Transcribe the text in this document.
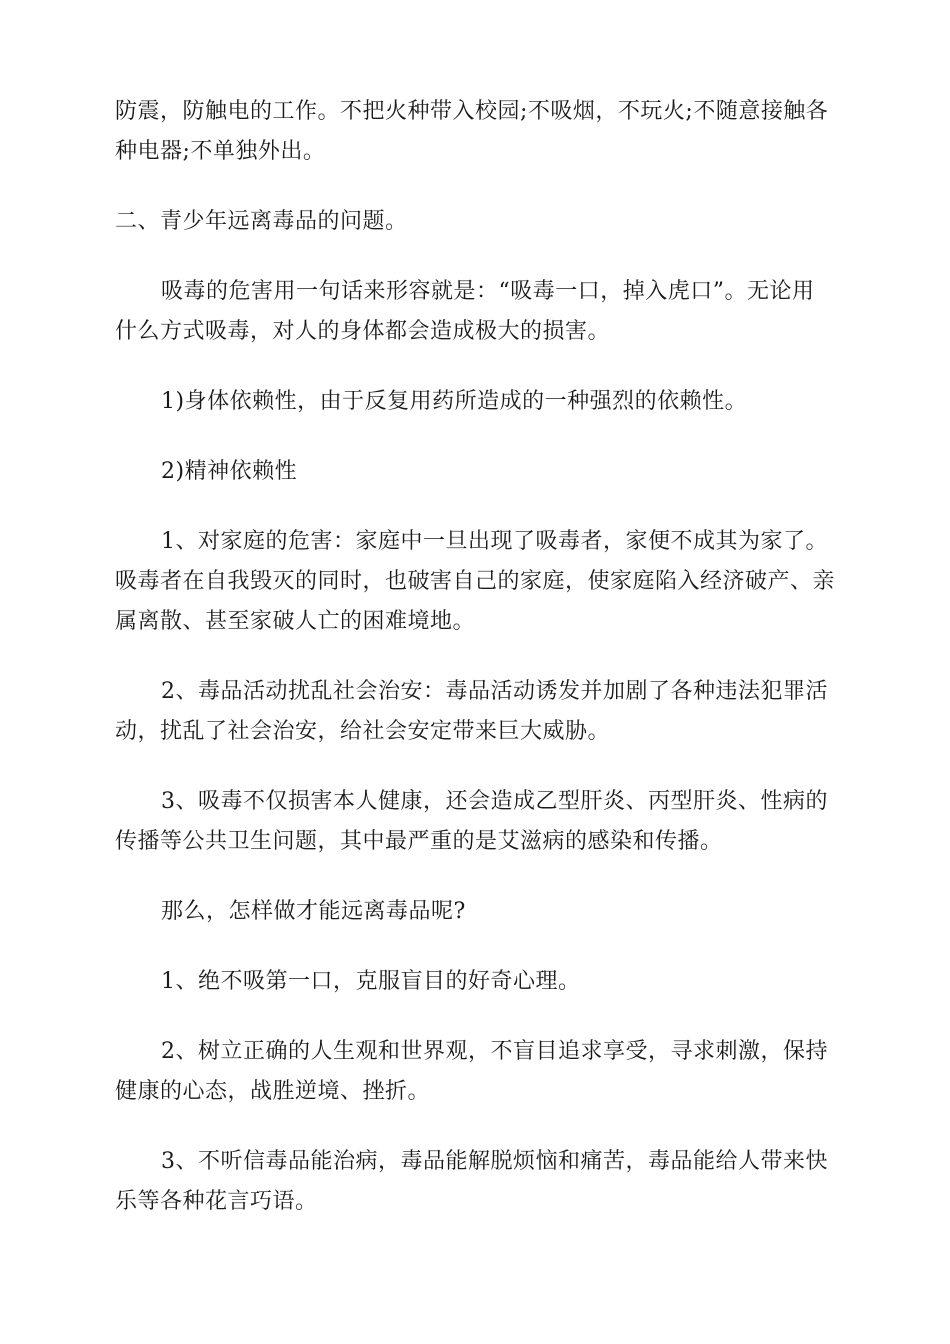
防震，防触电的工作。不把火种带入校园;不吸烟，不玩火;不随意接触各种电器;不单独外出。

二、青少年远离毒品的问题。

吸毒的危害用一句话来形容就是：“吸毒一口，掉入虎口”。无论用什么方式吸毒，对人的身体都会造成极大的损害。

1)身体依赖性，由于反复用药所造成的一种强烈的依赖性。

2)精神依赖性

1、对家庭的危害：家庭中一旦出现了吸毒者，家便不成其为家了。吸毒者在自我毁灭的同时，也破害自己的家庭，使家庭陷入经济破产、亲属离散、甚至家破人亡的困难境地。

2、毒品活动扰乱社会治安：毒品活动诱发并加剧了各种违法犯罪活动，扰乱了社会治安，给社会安定带来巨大威胁。

3、吸毒不仅损害本人健康，还会造成乙型肝炎、丙型肝炎、性病的传播等公共卫生问题，其中最严重的是艾滋病的感染和传播。

那么，怎样做才能远离毒品呢?

1、绝不吸第一口，克服盲目的好奇心理。

2、树立正确的人生观和世界观，不盲目追求享受，寻求刺激，保持健康的心态，战胜逆境、挫折。

3、不听信毒品能治病，毒品能解脱烦恼和痛苦，毒品能给人带来快乐等各种花言巧语。
